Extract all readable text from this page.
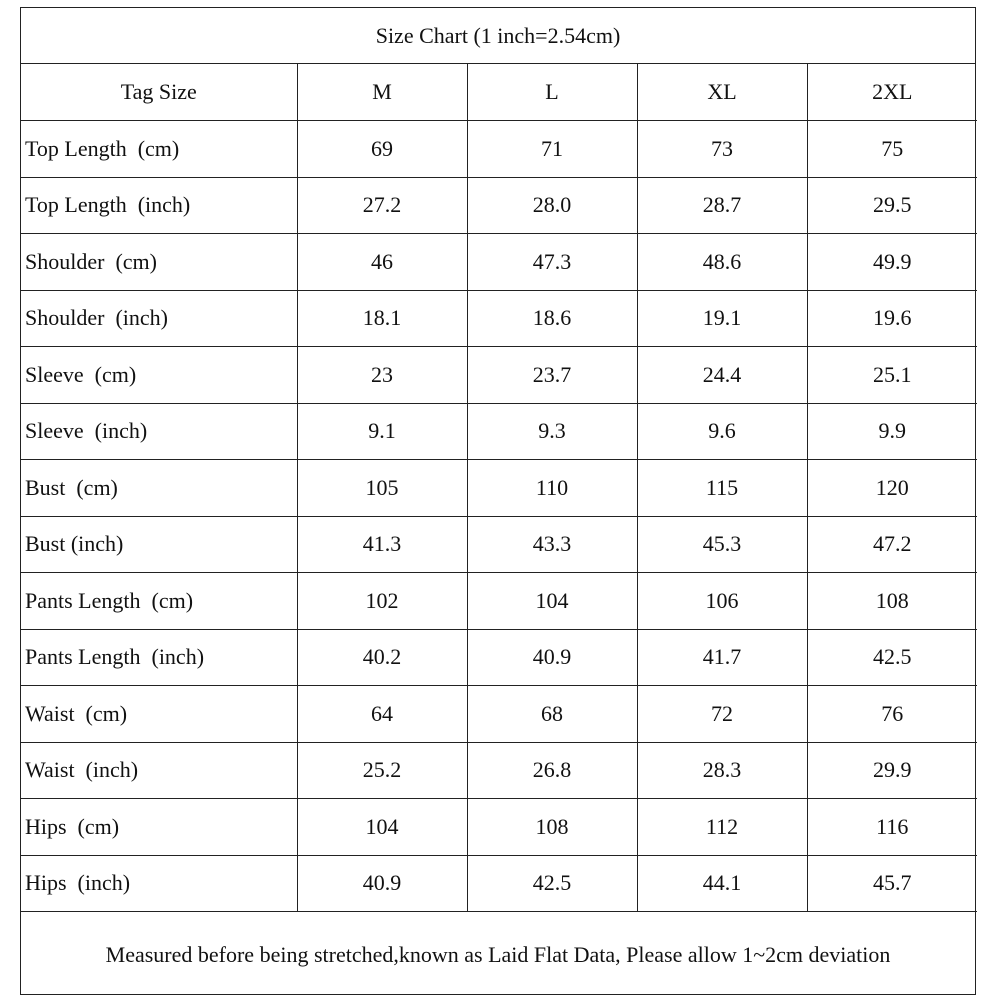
Size Chart (1 inch=2.54cm)
Tag Size	M	L	XL	2XL
Top Length  (cm)	69	71	73	75
Top Length  (inch)	27.2	28.0	28.7	29.5
Shoulder  (cm)	46	47.3	48.6	49.9
Shoulder  (inch)	18.1	18.6	19.1	19.6
Sleeve  (cm)	23	23.7	24.4	25.1
Sleeve  (inch)	9.1	9.3	9.6	9.9
Bust  (cm)	105	110	115	120
Bust (inch)	41.3	43.3	45.3	47.2
Pants Length  (cm)	102	104	106	108
Pants Length  (inch)	40.2	40.9	41.7	42.5
Waist  (cm)	64	68	72	76
Waist  (inch)	25.2	26.8	28.3	29.9
Hips  (cm)	104	108	112	116
Hips  (inch)	40.9	42.5	44.1	45.7
Measured before being stretched,known as Laid Flat Data, Please allow 1~2cm deviation
